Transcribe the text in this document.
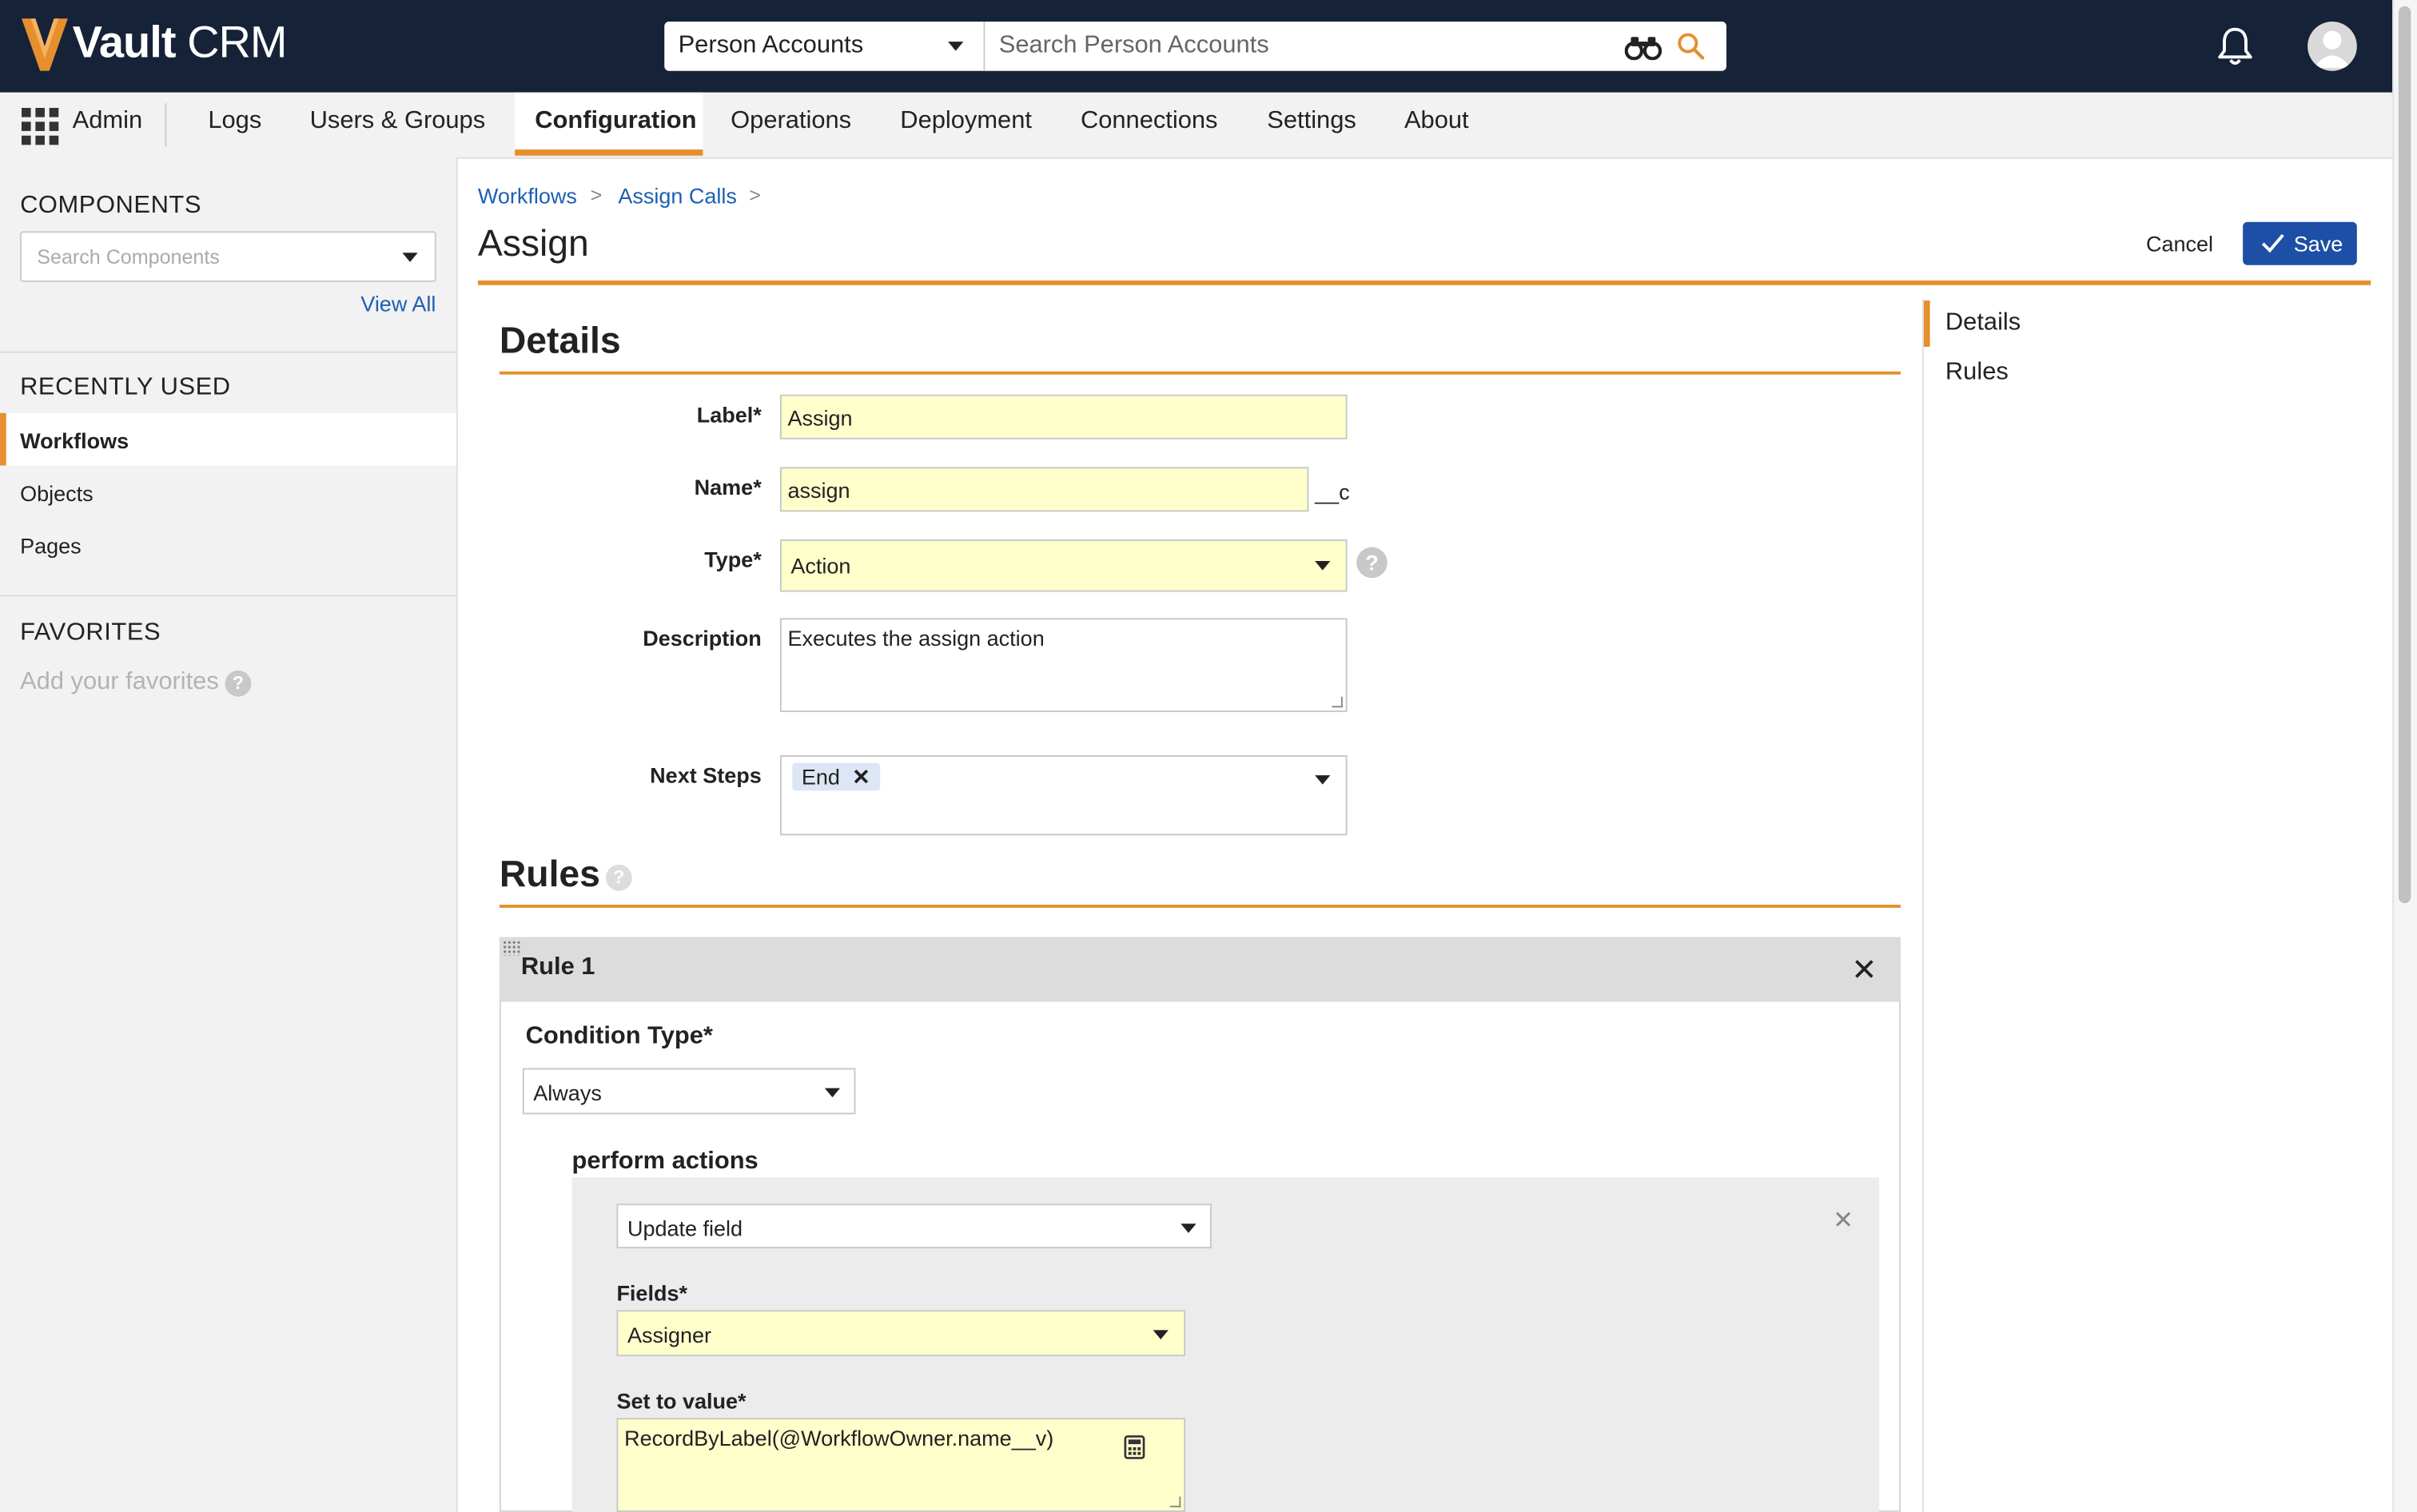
Vault CRM	Person Accounts
Search Person Accounts
Admin	Logs	Users & Groups	Configuration	Operations	Deployment	Connections	Settings	About
COMPONENTS
Search Components
View All
RECENTLY USED
Workflows
Objects
Pages
FAVORITES
Add your favorites	?
Workflows > Assign Calls >
Assign	Cancel	Save
Details
Rules
Details
Label* Assign
Name* assign	__c
Type*	Action	?
Description Executes the assign action
Next Steps	End ✕
Rules	?
Rule 1	✕
Condition Type*
Always
perform actions
Update field	✕
Fields*
Assigner
Set to value*
RecordByLabel(@WorkflowOwner.name__v)
